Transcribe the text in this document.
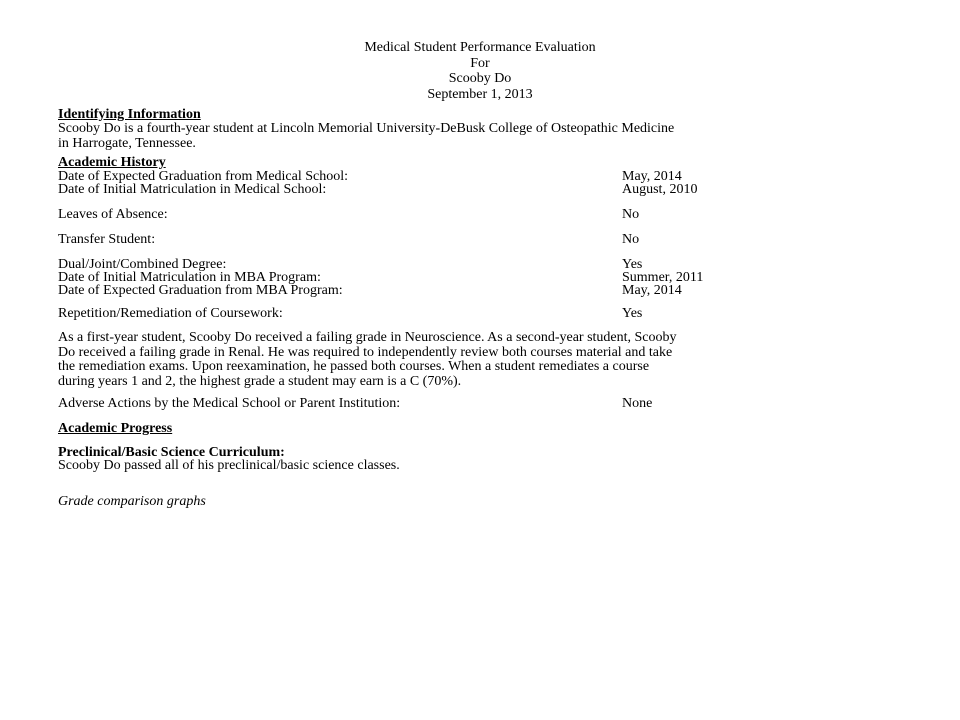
Medical Student Performance Evaluation
For
Scooby Do
September 1, 2013
Identifying Information
Scooby Do is a fourth-year student at Lincoln Memorial University-DeBusk College of Osteopathic Medicine
in Harrogate, Tennessee.
Academic History
Date of Expected Graduation from Medical School:	May, 2014
Date of Initial Matriculation in Medical School:	August, 2010
Leaves of Absence:	No
Transfer Student:	No
Dual/Joint/Combined Degree:	Yes
Date of Initial Matriculation in MBA Program:	Summer, 2011
Date of Expected Graduation from MBA Program:	May, 2014
Repetition/Remediation of Coursework:	Yes
As a first-year student, Scooby Do received a failing grade in Neuroscience. As a second-year student, Scooby
Do received a failing grade in Renal. He was required to independently review both courses material and take
the remediation exams. Upon reexamination, he passed both courses. When a student remediates a course
during years 1 and 2, the highest grade a student may earn is a C (70%).
Adverse Actions by the Medical School or Parent Institution:	None
Academic Progress
Preclinical/Basic Science Curriculum:
Scooby Do passed all of his preclinical/basic science classes.
Grade comparison graphs
